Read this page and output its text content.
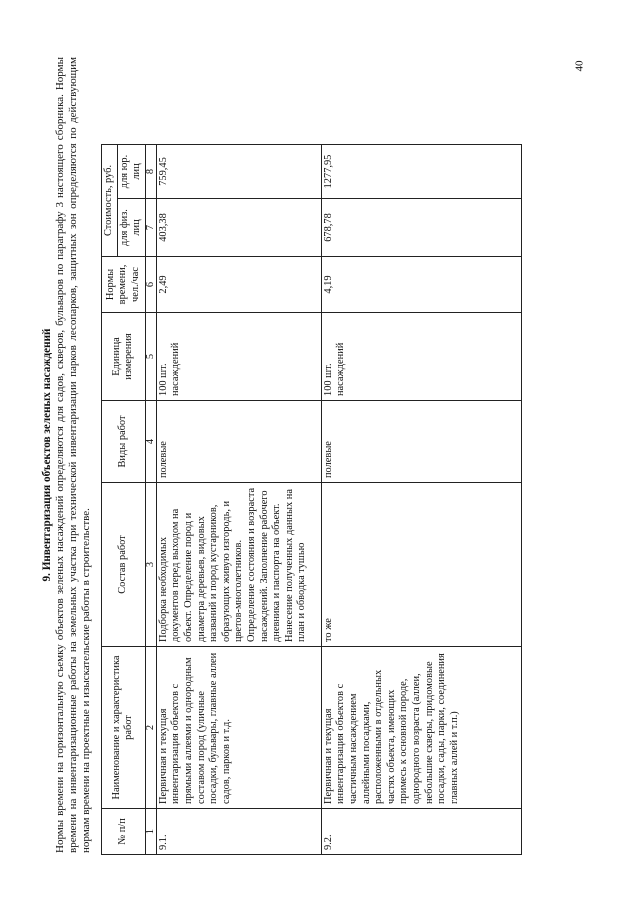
40
9. Инвентаризация объектов зеленых насаждений Нормы времени на горизонтальную съемку объектов зеленых насаждений определяются для садов, скверов, бульваров по параграфу 3 настоящего сборника. Нормы времени на инвентаризационные работы на земельных участка при технической инвентаризации парков лесопарков, защитных зон определяются по действующим нормам времени на проектные и изыскательские работы в строительстве. № п/п	Наименование и характеристика работ	Состав работ	Виды работ	Единица измерения	Нормы времени, чел./час	Стоимость, руб.		
						для физ. лиц	для юр. лиц	
1	2	3	4	5	6	7	8	
9.1.	Первичная и текущая инвентаризация объектов с прямыми аллеями и однородным составом пород (уличные посадки, бульвары, главные аллеи садов, парков и т.д.	Подборка необходимых документов перед выходом на объект. Определение пород и диаметра деревьев, видовых названий и пород кустарников, образующих живую изгородь, и цветов-многолетников. Определение состояния и возраста насаждений. Заполнение рабочего дневника и паспорта на объект. Нанесение полученных данных на план и обводка тушью	полевые	100 шт. насаждений	2,49	403,38	759,45	
9.2.	Первичная и текущая инвентаризация объектов с частичным насаждением аллейными посадками, расположенными в отдельных частях объекта, имеющих примесь к основной породе, однородного возраста (аллеи, небольшие скверы, придомовые посадки, сады, парки, соединения главных аллей и т.п.)	то же	полевые	100 шт. насаждений	4,19	678,78	1277,95	
